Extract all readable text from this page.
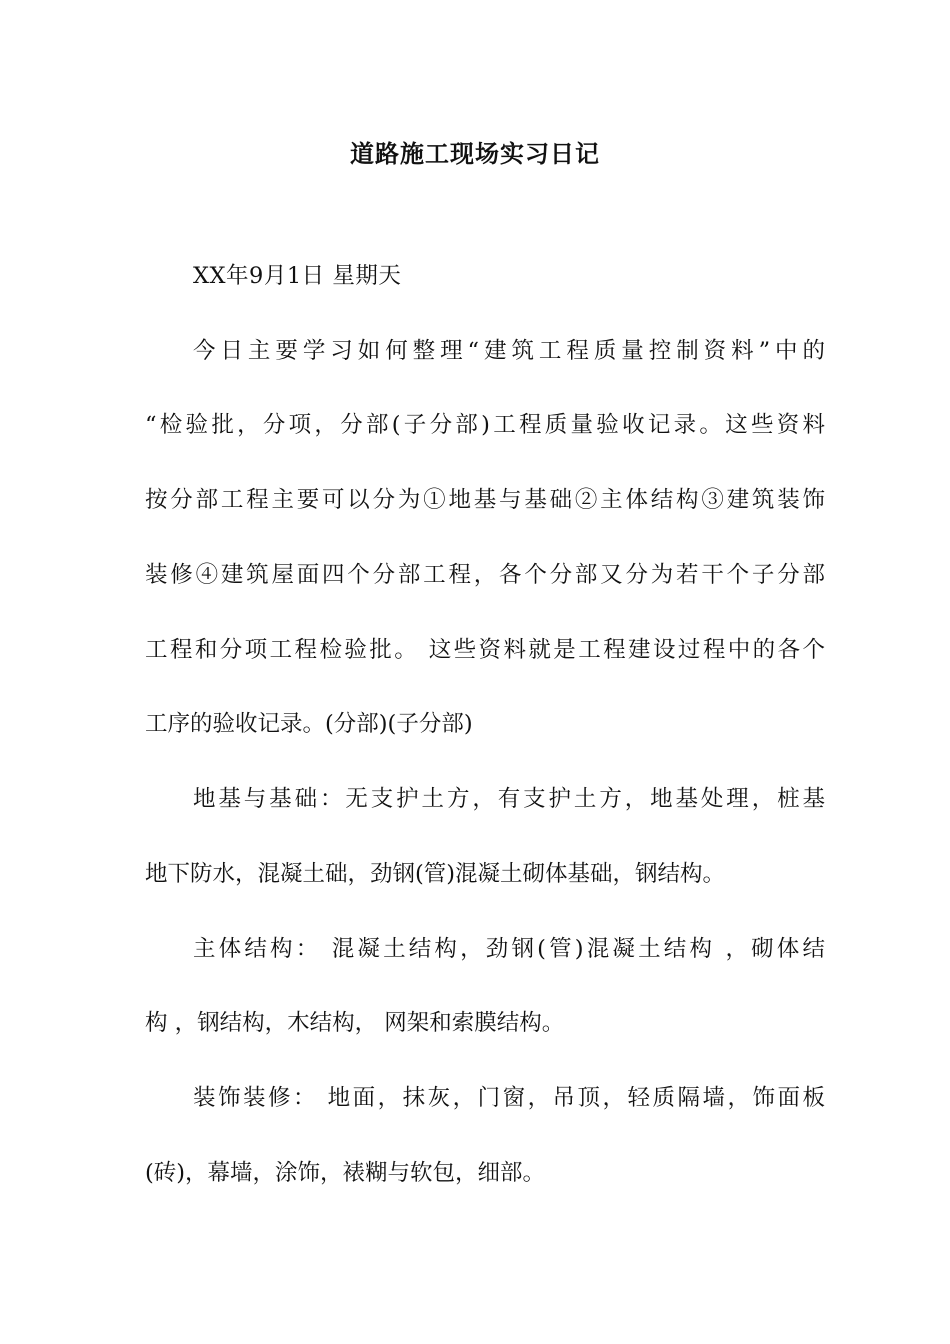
道路施工现场实习日记
XX年9月1日 星期天
今日主要学习如何整理“建筑工程质量控制资料”中的
“检验批，分项，分部(子分部)工程质量验收记录。这些资料
按分部工程主要可以分为①地基与基础②主体结构③建筑装饰
装修④建筑屋面四个分部工程，各个分部又分为若干个子分部
工程和分项工程检验批。 这些资料就是工程建设过程中的各个
工序的验收记录。(分部)(子分部)
地基与基础：无支护土方，有支护土方，地基处理，桩基
地下防水，混凝土础，劲钢(管)混凝土砌体基础，钢结构。
主体结构： 混凝土结构，劲钢(管)混凝土结构 ，砌体结
构 ，钢结构，木结构， 网架和索膜结构。
装饰装修： 地面，抹灰，门窗，吊顶，轻质隔墙，饰面板
(砖)，幕墙，涂饰，裱糊与软包，细部。
